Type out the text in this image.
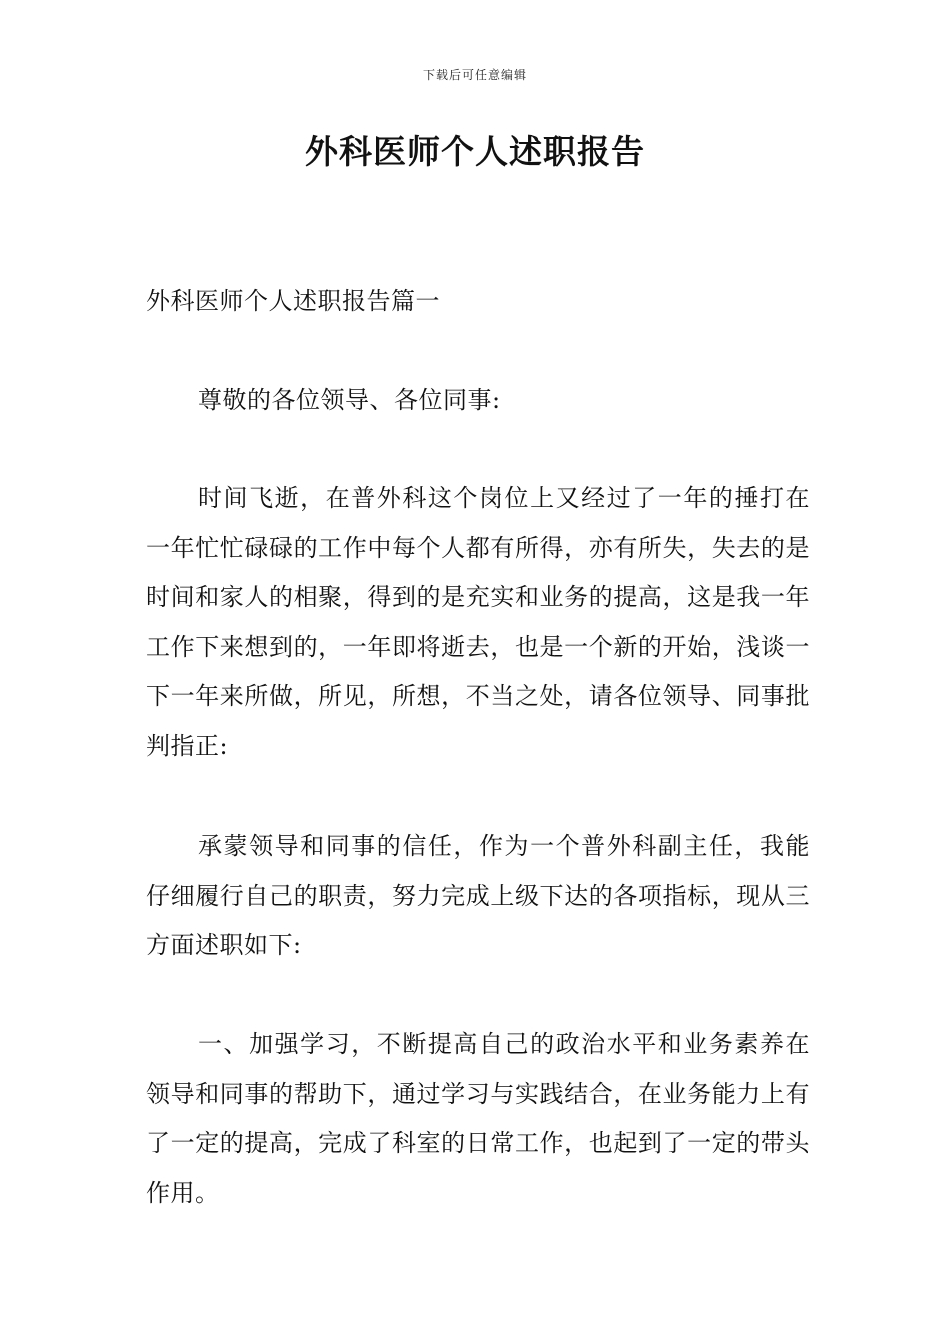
下载后可任意编辑
外科医师个人述职报告

外科医师个人述职报告篇一

尊敬的各位领导、各位同事:

时间飞逝，在普外科这个岗位上又经过了一年的捶打在一年忙忙碌碌的工作中每个人都有所得，亦有所失，失去的是时间和家人的相聚，得到的是充实和业务的提高，这是我一年工作下来想到的，一年即将逝去，也是一个新的开始，浅谈一下一年来所做，所见，所想，不当之处，请各位领导、同事批判指正:

承蒙领导和同事的信任，作为一个普外科副主任，我能仔细履行自己的职责，努力完成上级下达的各项指标，现从三方面述职如下:

一、加强学习，不断提高自己的政治水平和业务素养在领导和同事的帮助下，通过学习与实践结合，在业务能力上有了一定的提高，完成了科室的日常工作，也起到了一定的带头作用。
